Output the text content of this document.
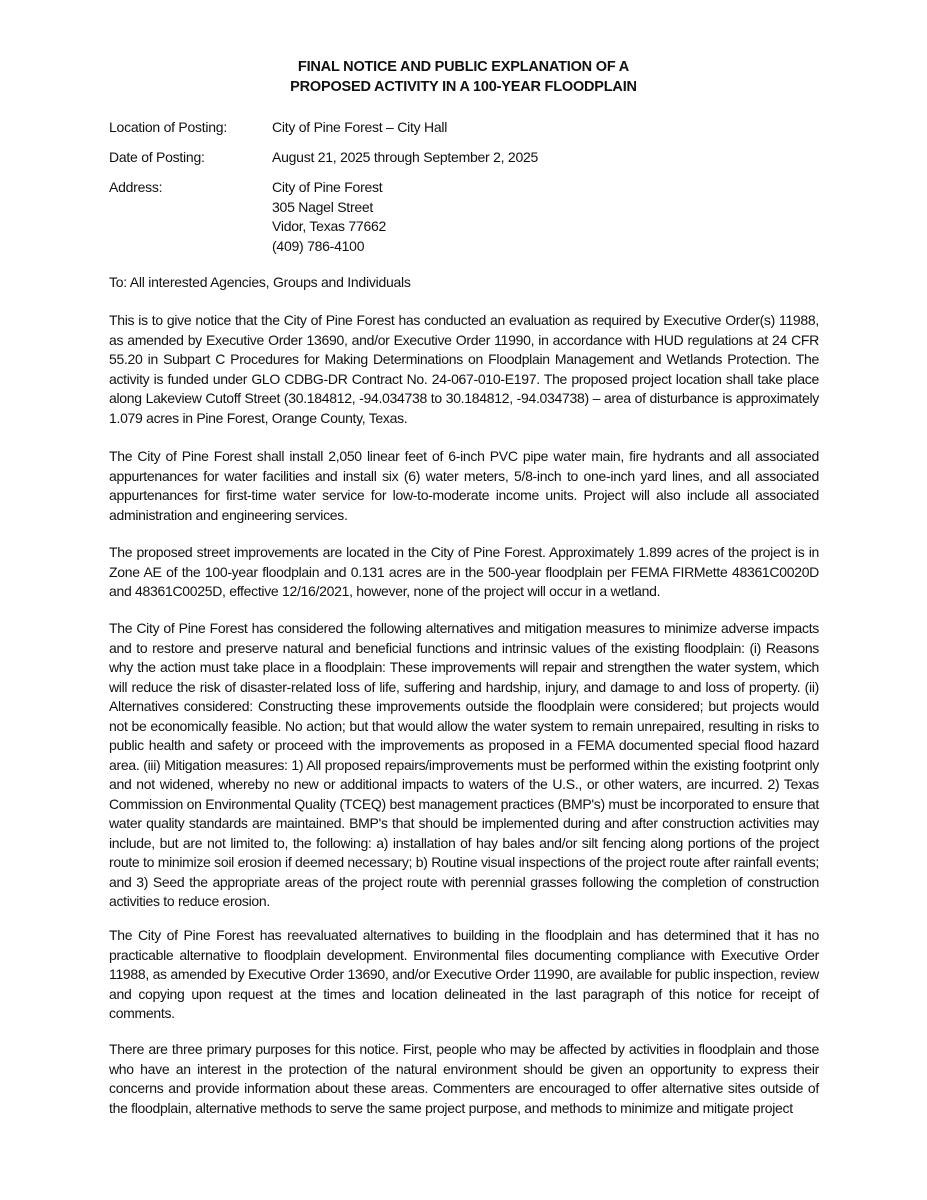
FINAL NOTICE AND PUBLIC EXPLANATION OF A
PROPOSED ACTIVITY IN A 100-YEAR FLOODPLAIN
Location of Posting:	City of Pine Forest – City Hall
Date of Posting:	August 21, 2025 through September 2, 2025
Address:	City of Pine Forest
305 Nagel Street
Vidor, Texas 77662
(409) 786-4100
To: All interested Agencies, Groups and Individuals
This is to give notice that the City of Pine Forest has conducted an evaluation as required by Executive Order(s) 11988, as amended by Executive Order 13690, and/or Executive Order 11990, in accordance with HUD regulations at 24 CFR 55.20 in Subpart C Procedures for Making Determinations on Floodplain Management and Wetlands Protection. The activity is funded under GLO CDBG-DR Contract No. 24-067-010-E197. The proposed project location shall take place along Lakeview Cutoff Street (30.184812, -94.034738 to 30.184812, -94.034738) – area of disturbance is approximately 1.079 acres in Pine Forest, Orange County, Texas.
The City of Pine Forest shall install 2,050 linear feet of 6-inch PVC pipe water main, fire hydrants and all associated appurtenances for water facilities and install six (6) water meters, 5/8-inch to one-inch yard lines, and all associated appurtenances for first-time water service for low-to-moderate income units. Project will also include all associated administration and engineering services.
The proposed street improvements are located in the City of Pine Forest. Approximately 1.899 acres of the project is in Zone AE of the 100-year floodplain and 0.131 acres are in the 500-year floodplain per FEMA FIRMette 48361C0020D and 48361C0025D, effective 12/16/2021, however, none of the project will occur in a wetland.
The City of Pine Forest has considered the following alternatives and mitigation measures to minimize adverse impacts and to restore and preserve natural and beneficial functions and intrinsic values of the existing floodplain: (i) Reasons why the action must take place in a floodplain: These improvements will repair and strengthen the water system, which will reduce the risk of disaster-related loss of life, suffering and hardship, injury, and damage to and loss of property. (ii) Alternatives considered: Constructing these improvements outside the floodplain were considered; but projects would not be economically feasible. No action; but that would allow the water system to remain unrepaired, resulting in risks to public health and safety or proceed with the improvements as proposed in a FEMA documented special flood hazard area. (iii) Mitigation measures: 1) All proposed repairs/improvements must be performed within the existing footprint only and not widened, whereby no new or additional impacts to waters of the U.S., or other waters, are incurred. 2) Texas Commission on Environmental Quality (TCEQ) best management practices (BMP's) must be incorporated to ensure that water quality standards are maintained. BMP's that should be implemented during and after construction activities may include, but are not limited to, the following: a) installation of hay bales and/or silt fencing along portions of the project route to minimize soil erosion if deemed necessary; b) Routine visual inspections of the project route after rainfall events; and 3) Seed the appropriate areas of the project route with perennial grasses following the completion of construction activities to reduce erosion.
The City of Pine Forest has reevaluated alternatives to building in the floodplain and has determined that it has no practicable alternative to floodplain development. Environmental files documenting compliance with Executive Order 11988, as amended by Executive Order 13690, and/or Executive Order 11990, are available for public inspection, review and copying upon request at the times and location delineated in the last paragraph of this notice for receipt of comments.
There are three primary purposes for this notice. First, people who may be affected by activities in floodplain and those who have an interest in the protection of the natural environment should be given an opportunity to express their concerns and provide information about these areas. Commenters are encouraged to offer alternative sites outside of the floodplain, alternative methods to serve the same project purpose, and methods to minimize and mitigate project
